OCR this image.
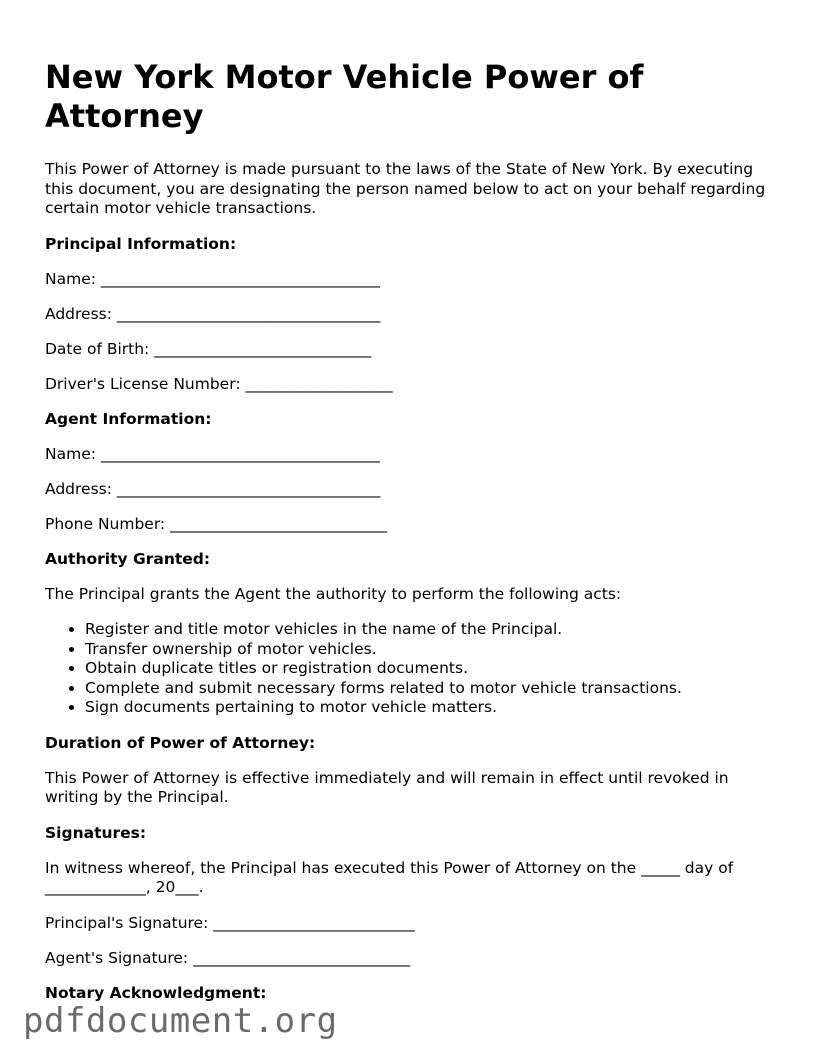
New York Motor Vehicle Power of Attorney

This Power of Attorney is made pursuant to the laws of the State of New York. By executing this document, you are designating the person named below to act on your behalf regarding certain motor vehicle transactions.

Principal Information:
Name: ____________________________________
Address: __________________________________
Date of Birth: ____________________________
Driver's License Number: ___________________
Agent Information:
Name: ____________________________________
Address: __________________________________
Phone Number: ____________________________
Authority Granted:

The Principal grants the Agent the authority to perform the following acts:

• Register and title motor vehicles in the name of the Principal.
• Transfer ownership of motor vehicles.
• Obtain duplicate titles or registration documents.
• Complete and submit necessary forms related to motor vehicle transactions.
• Sign documents pertaining to motor vehicle matters.
Duration of Power of Attorney:

This Power of Attorney is effective immediately and will remain in effect until revoked in writing by the Principal.

Signatures:

In witness whereof, the Principal has executed this Power of Attorney on the _____ day of _____________, 20___.

Principal's Signature: __________________________
Agent's Signature: ____________________________
Notary Acknowledgment:
pdfdocument.org
